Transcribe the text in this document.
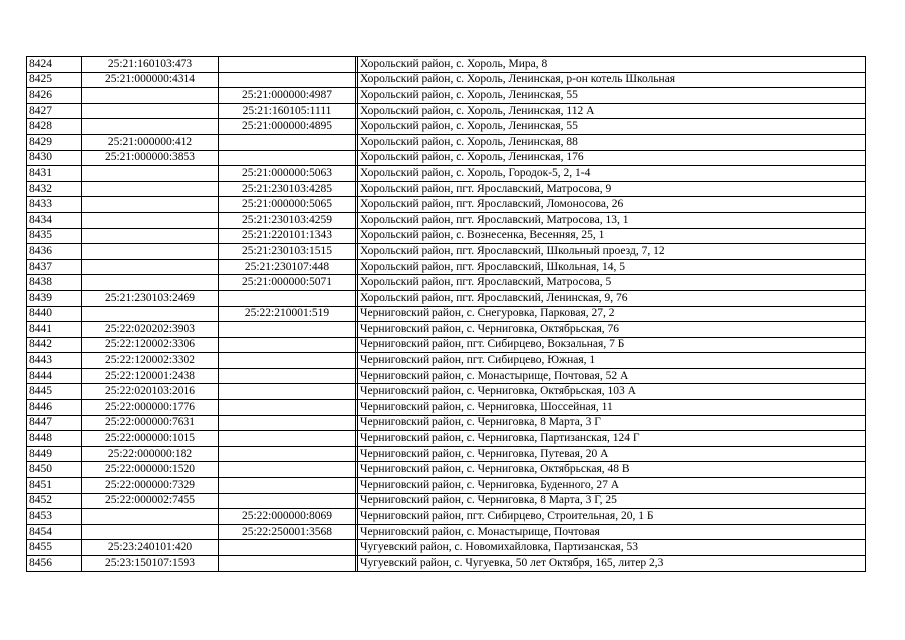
8424	25:21:160103:473			Хорольский район, с. Хороль, Мира, 8
8425	25:21:000000:4314			Хорольский район, с. Хороль, Ленинская, р-он котель Школьная
8426		25:21:000000:4987		Хорольский район, с. Хороль, Ленинская, 55
8427		25:21:160105:1111		Хорольский район, с. Хороль, Ленинская, 112 А
8428		25:21:000000:4895		Хорольский район, с. Хороль, Ленинская, 55
8429	25:21:000000:412			Хорольский район, с. Хороль, Ленинская, 88
8430	25:21:000000:3853			Хорольский район, с. Хороль, Ленинская, 176
8431		25:21:000000:5063		Хорольский район, с. Хороль, Городок-5, 2, 1-4
8432		25:21:230103:4285		Хорольский район, пгт. Ярославский, Матросова, 9
8433		25:21:000000:5065		Хорольский район, пгт. Ярославский, Ломоносова, 26
8434		25:21:230103:4259		Хорольский район, пгт. Ярославский, Матросова, 13, 1
8435		25:21:220101:1343		Хорольский район, с. Вознесенка, Весенняя, 25, 1
8436		25:21:230103:1515		Хорольский район, пгт. Ярославский, Школьный проезд, 7, 12
8437		25:21:230107:448		Хорольский район, пгт. Ярославский, Школьная, 14, 5
8438		25:21:000000:5071		Хорольский район, пгт. Ярославский, Матросова, 5
8439	25:21:230103:2469			Хорольский район, пгт. Ярославский, Ленинская, 9, 76
8440		25:22:210001:519		Черниговский район, с. Снегуровка, Парковая, 27, 2
8441	25:22:020202:3903			Черниговский район, с. Черниговка, Октябрьская, 76
8442	25:22:120002:3306			Черниговский район, пгт. Сибирцево, Вокзальная, 7 Б
8443	25:22:120002:3302			Черниговский район, пгт. Сибирцево, Южная, 1
8444	25:22:120001:2438			Черниговский район, с. Монастырище, Почтовая, 52 А
8445	25:22:020103:2016			Черниговский район, с. Черниговка, Октябрьская, 103 А
8446	25:22:000000:1776			Черниговский район, с. Черниговка, Шоссейная, 11
8447	25:22:000000:7631			Черниговский район, с. Черниговка, 8 Марта, 3 Г
8448	25:22:000000:1015			Черниговский район, с. Черниговка, Партизанская, 124 Г
8449	25:22:000000:182			Черниговский район, с. Черниговка, Путевая, 20 А
8450	25:22:000000:1520			Черниговский район, с. Черниговка, Октябрьская, 48 В
8451	25:22:000000:7329			Черниговский район, с. Черниговка, Буденного, 27 А
8452	25:22:000002:7455			Черниговский район, с. Черниговка, 8 Марта, 3 Г, 25
8453		25:22:000000:8069		Черниговский район, пгт. Сибирцево, Строительная, 20, 1 Б
8454		25:22:250001:3568		Черниговский район, с. Монастырище, Почтовая
8455	25:23:240101:420			Чугуевский район, с. Новомихайловка, Партизанская, 53
8456	25:23:150107:1593			Чугуевский район, с. Чугуевка, 50 лет Октября, 165, литер 2,3
